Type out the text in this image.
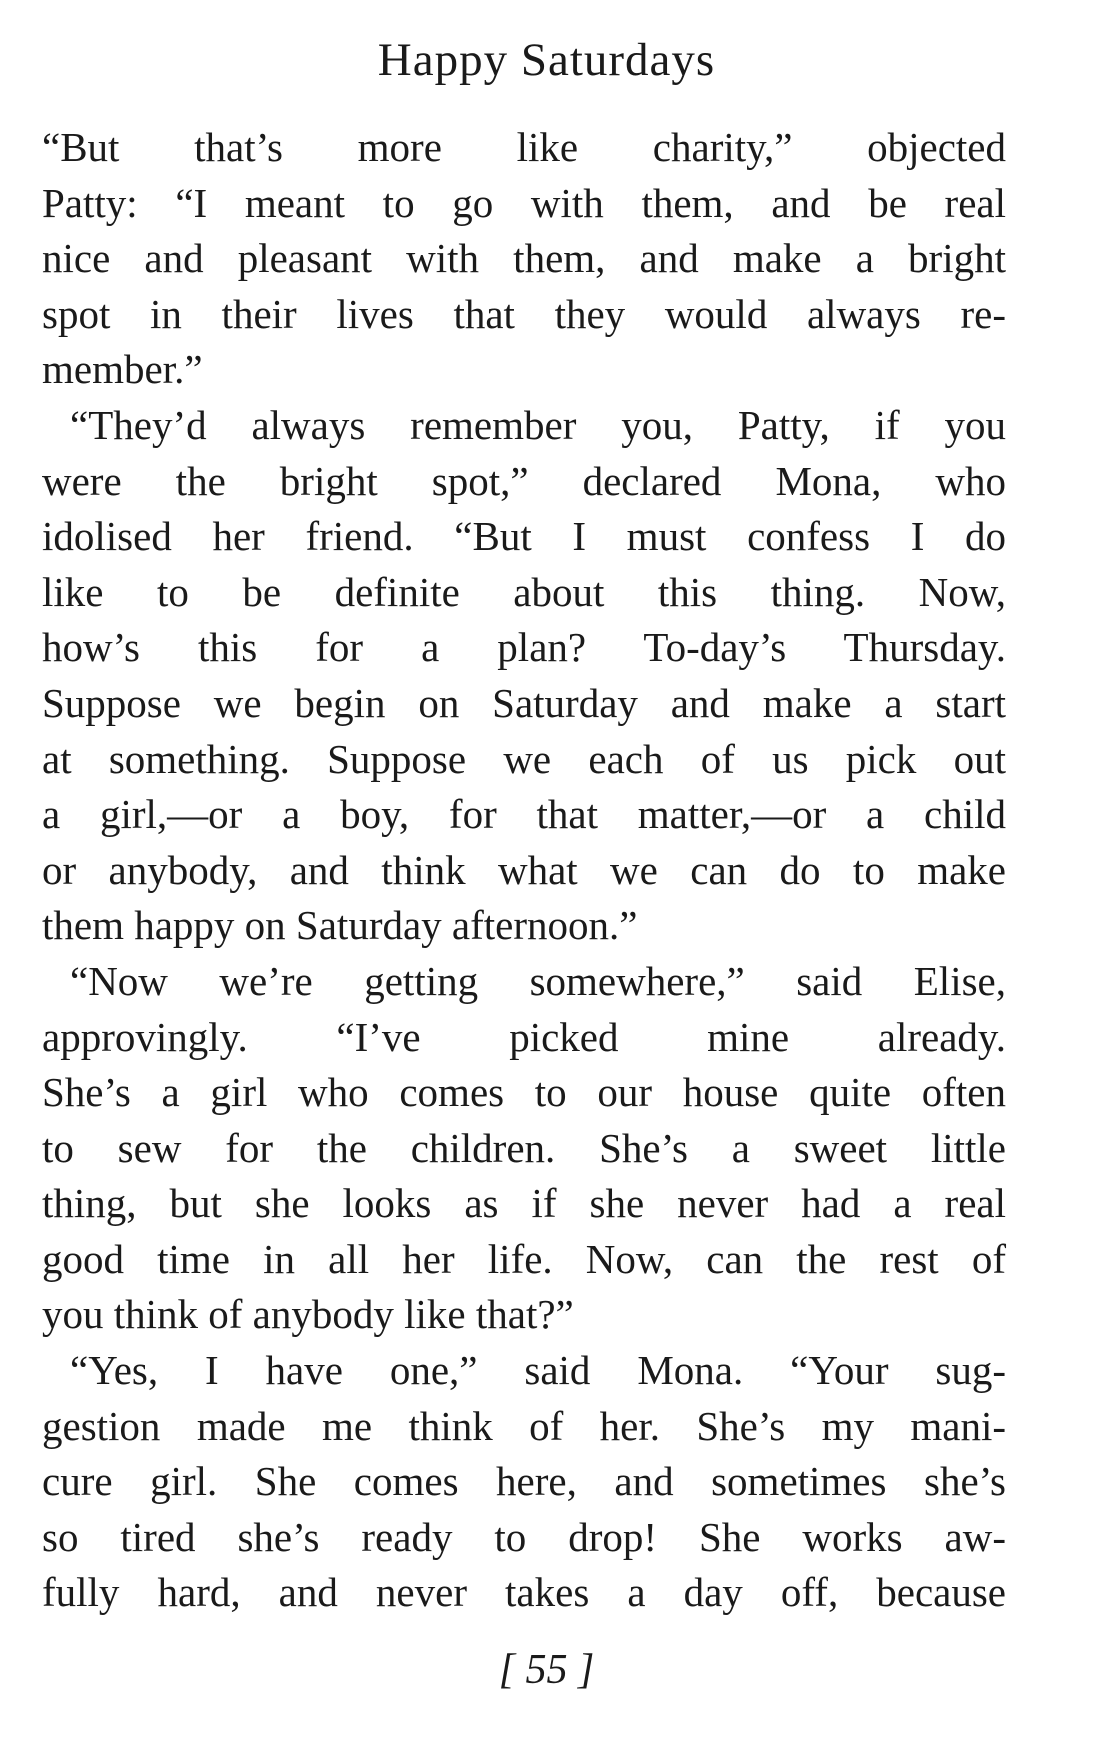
Happy Saturdays
“But that’s more like charity,” objected
Patty: “I meant to go with them, and be real
nice and pleasant with them, and make a bright
spot in their lives that they would always re-
member.”
“They’d always remember you, Patty, if you
were the bright spot,” declared Mona, who
idolised her friend. “But I must confess I do
like to be definite about this thing. Now,
how’s this for a plan? To-day’s Thursday.
Suppose we begin on Saturday and make a start
at something. Suppose we each of us pick out
a girl,—or a boy, for that matter,—or a child
or anybody, and think what we can do to make
them happy on Saturday afternoon.”
“Now we’re getting somewhere,” said Elise,
approvingly. “I’ve picked mine already.
She’s a girl who comes to our house quite often
to sew for the children. She’s a sweet little
thing, but she looks as if she never had a real
good time in all her life. Now, can the rest of
you think of anybody like that?”
“Yes, I have one,” said Mona. “Your sug-
gestion made me think of her. She’s my mani-
cure girl. She comes here, and sometimes she’s
so tired she’s ready to drop! She works aw-
fully hard, and never takes a day off, because
[ 55 ]
